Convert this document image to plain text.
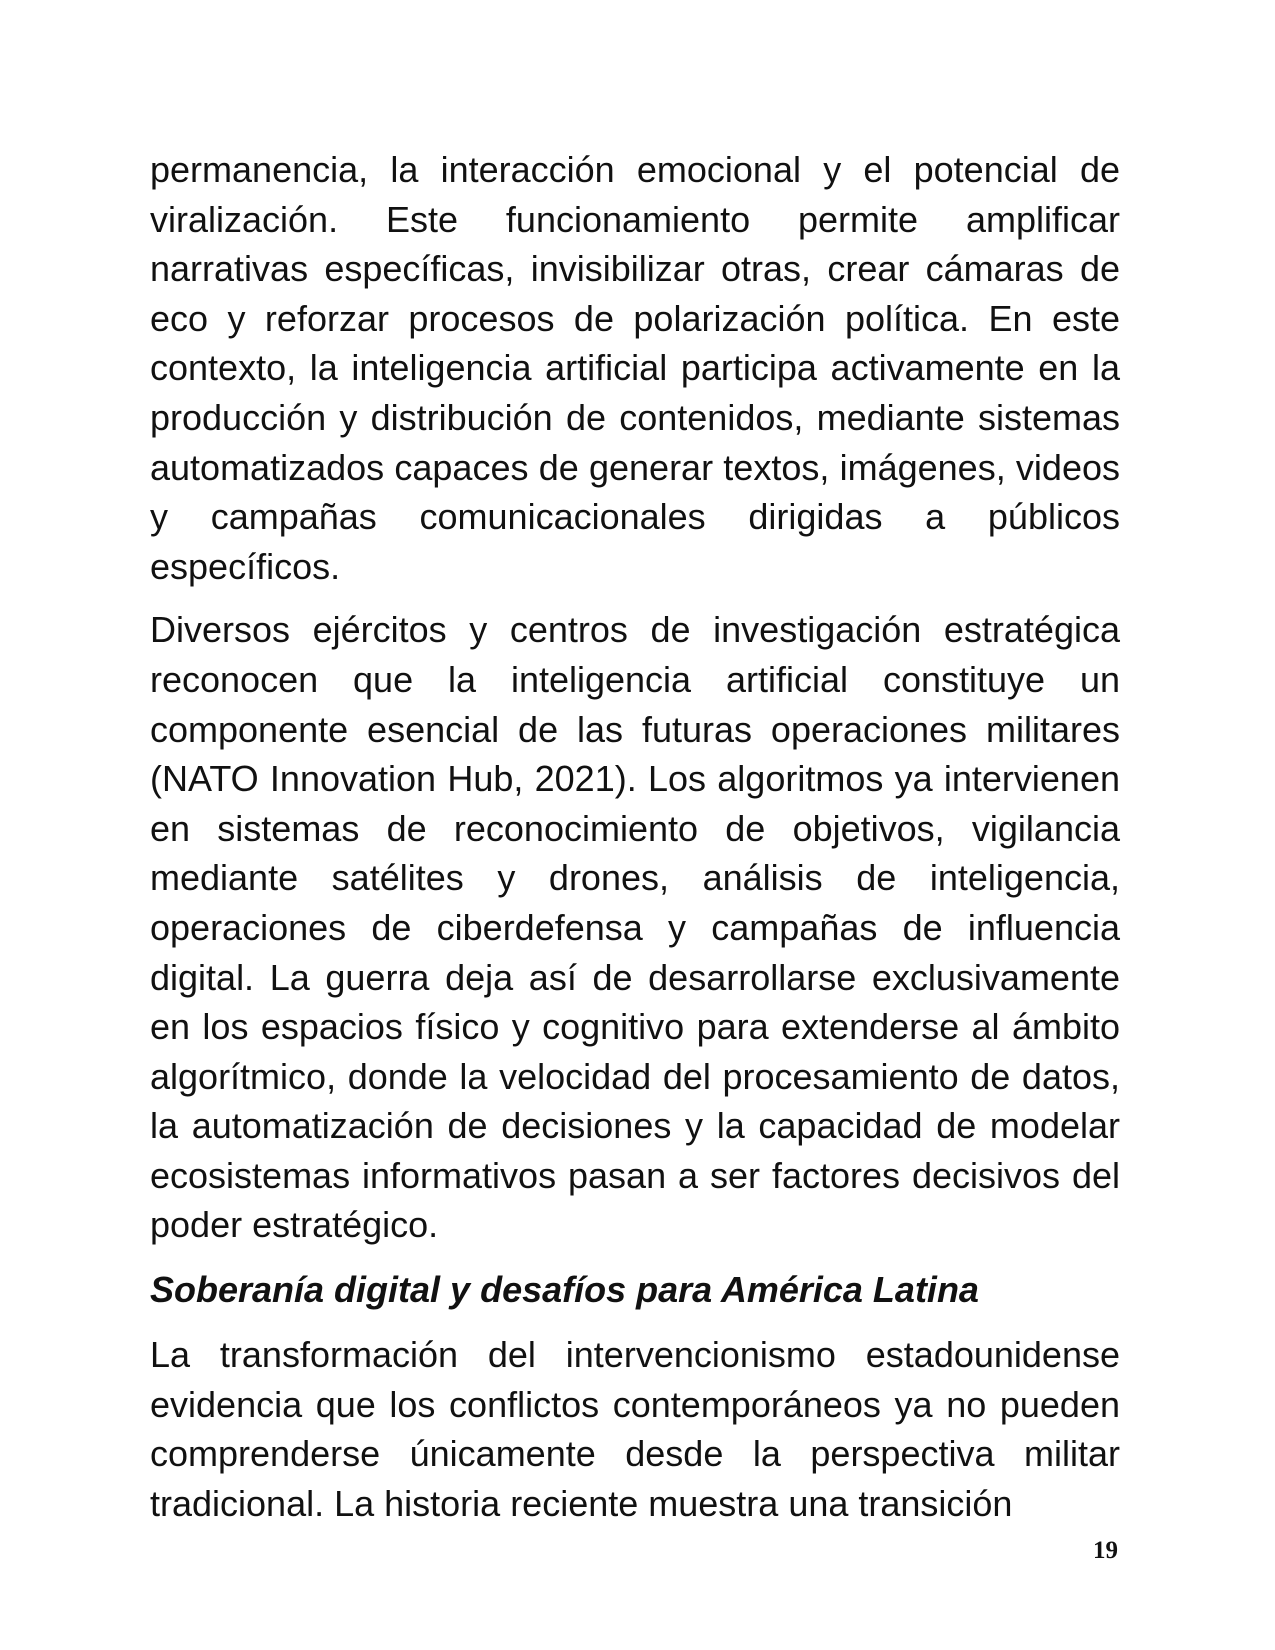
permanencia, la interacción emocional y el potencial de viralización. Este funcionamiento permite amplificar narrativas específicas, invisibilizar otras, crear cámaras de eco y reforzar procesos de polarización política. En este contexto, la inteligencia artificial participa activamente en la producción y distribución de contenidos, mediante sistemas automatizados capaces de generar textos, imágenes, videos y campañas comunicacionales dirigidas a públicos específicos.

Diversos ejércitos y centros de investigación estratégica reconocen que la inteligencia artificial constituye un componente esencial de las futuras operaciones militares (NATO Innovation Hub, 2021). Los algoritmos ya intervienen en sistemas de reconocimiento de objetivos, vigilancia mediante satélites y drones, análisis de inteligencia, operaciones de ciberdefensa y campañas de influencia digital. La guerra deja así de desarrollarse exclusivamente en los espacios físico y cognitivo para extenderse al ámbito algorítmico, donde la velocidad del procesamiento de datos, la automatización de decisiones y la capacidad de modelar ecosistemas informativos pasan a ser factores decisivos del poder estratégico.

Soberanía digital y desafíos para América Latina

La transformación del intervencionismo estadounidense evidencia que los conflictos contemporáneos ya no pueden comprenderse únicamente desde la perspectiva militar tradicional. La historia reciente muestra una transición

19
